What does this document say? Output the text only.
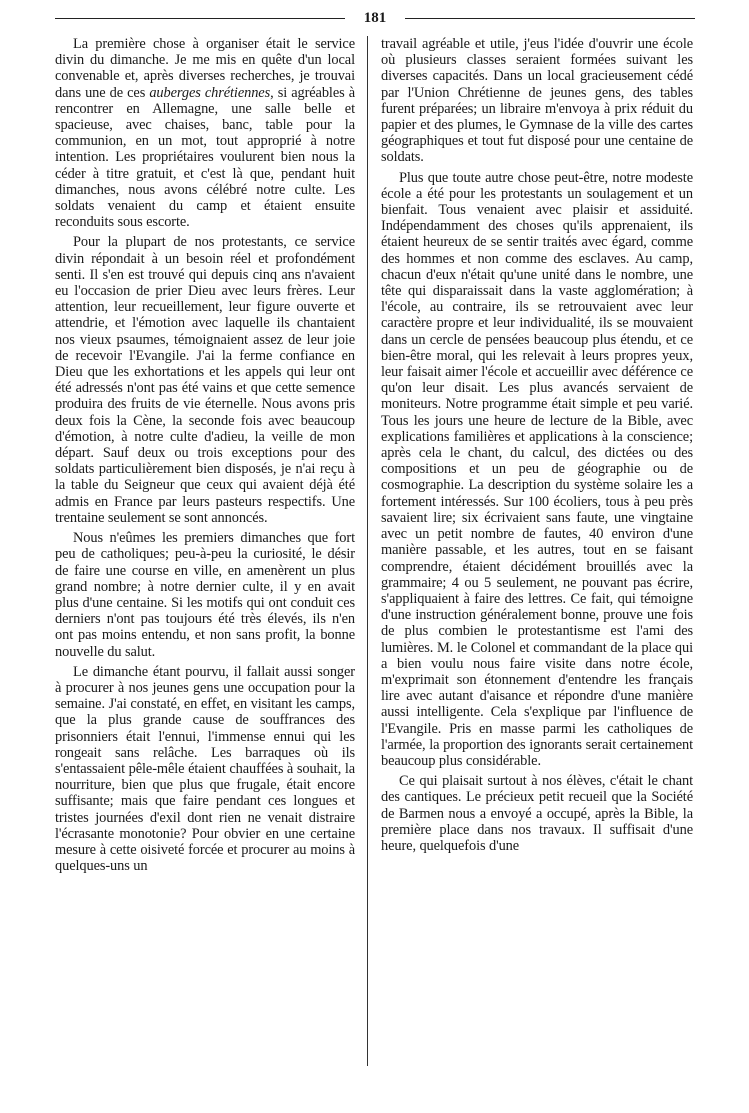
181

La première chose à organiser était le service divin du dimanche. Je me mis en quête d'un local convenable et, après diverses recherches, je trouvai dans une de ces auberges chrétiennes, si agréables à rencontrer en Allemagne, une salle belle et spacieuse, avec chaises, banc, table pour la communion, en un mot, tout approprié à notre intention. Les propriétaires voulurent bien nous la céder à titre gratuit, et c'est là que, pendant huit dimanches, nous avons célébré notre culte. Les soldats venaient du camp et étaient ensuite reconduits sous escorte.

Pour la plupart de nos protestants, ce service divin répondait à un besoin réel et profondément senti. Il s'en est trouvé qui depuis cinq ans n'avaient eu l'occasion de prier Dieu avec leurs frères. Leur attention, leur recueillement, leur figure ouverte et attendrie, et l'émotion avec laquelle ils chantaient nos vieux psaumes, témoignaient assez de leur joie de recevoir l'Evangile. J'ai la ferme confiance en Dieu que les exhortations et les appels qui leur ont été adressés n'ont pas été vains et que cette semence produira des fruits de vie éternelle. Nous avons pris deux fois la Cène, la seconde fois avec beaucoup d'émotion, à notre culte d'adieu, la veille de mon départ. Sauf deux ou trois exceptions pour des soldats particulièrement bien disposés, je n'ai reçu à la table du Seigneur que ceux qui avaient déjà été admis en France par leurs pasteurs respectifs. Une trentaine seulement se sont annoncés.

Nous n'eûmes les premiers dimanches que fort peu de catholiques; peu-à-peu la curiosité, le désir de faire une course en ville, en amenèrent un plus grand nombre; à notre dernier culte, il y en avait plus d'une centaine. Si les motifs qui ont conduit ces derniers n'ont pas toujours été très élevés, ils n'en ont pas moins entendu, et non sans profit, la bonne nouvelle du salut.

Le dimanche étant pourvu, il fallait aussi songer à procurer à nos jeunes gens une occupation pour la semaine. J'ai constaté, en effet, en visitant les camps, que la plus grande cause de souffrances des prisonniers était l'ennui, l'immense ennui qui les rongeait sans relâche. Les barraques où ils s'entassaient pêle-mêle étaient chauffées à souhait, la nourriture, bien que plus que frugale, était encore suffisante; mais que faire pendant ces longues et tristes journées d'exil dont rien ne venait distraire l'écrasante monotonie? Pour obvier en une certaine mesure à cette oisiveté forcée et procurer au moins à quelques-uns un

travail agréable et utile, j'eus l'idée d'ouvrir une école où plusieurs classes seraient formées suivant les diverses capacités. Dans un local gracieusement cédé par l'Union Chrétienne de jeunes gens, des tables furent préparées; un libraire m'envoya à prix réduit du papier et des plumes, le Gymnase de la ville des cartes géographiques et tout fut disposé pour une centaine de soldats.

Plus que toute autre chose peut-être, notre modeste école a été pour les protestants un soulagement et un bienfait. Tous venaient avec plaisir et assiduité. Indépendamment des choses qu'ils apprenaient, ils étaient heureux de se sentir traités avec égard, comme des hommes et non comme des esclaves. Au camp, chacun d'eux n'était qu'une unité dans le nombre, une tête qui disparaissait dans la vaste agglomération; à l'école, au contraire, ils se retrouvaient avec leur caractère propre et leur individualité, ils se mouvaient dans un cercle de pensées beaucoup plus étendu, et ce bien-être moral, qui les relevait à leurs propres yeux, leur faisait aimer l'école et accueillir avec déférence ce qu'on leur disait. Les plus avancés servaient de moniteurs. Notre programme était simple et peu varié. Tous les jours une heure de lecture de la Bible, avec explications familières et applications à la conscience; après cela le chant, du calcul, des dictées ou des compositions et un peu de géographie ou de cosmographie. La description du système solaire les a fortement intéressés. Sur 100 écoliers, tous à peu près savaient lire; six écrivaient sans faute, une vingtaine avec un petit nombre de fautes, 40 environ d'une manière passable, et les autres, tout en se faisant comprendre, étaient décidément brouillés avec la grammaire; 4 ou 5 seulement, ne pouvant pas écrire, s'appliquaient à faire des lettres. Ce fait, qui témoigne d'une instruction généralement bonne, prouve une fois de plus combien le protestantisme est l'ami des lumières. M. le Colonel et commandant de la place qui a bien voulu nous faire visite dans notre école, m'exprimait son étonnement d'entendre les français lire avec autant d'aisance et répondre d'une manière aussi intelligente. Cela s'explique par l'influence de l'Evangile. Pris en masse parmi les catholiques de l'armée, la proportion des ignorants serait certainement beaucoup plus considérable.

Ce qui plaisait surtout à nos élèves, c'était le chant des cantiques. Le précieux petit recueil que la Société de Barmen nous a envoyé a occupé, après la Bible, la première place dans nos travaux. Il suffisait d'une heure, quelquefois d'une
